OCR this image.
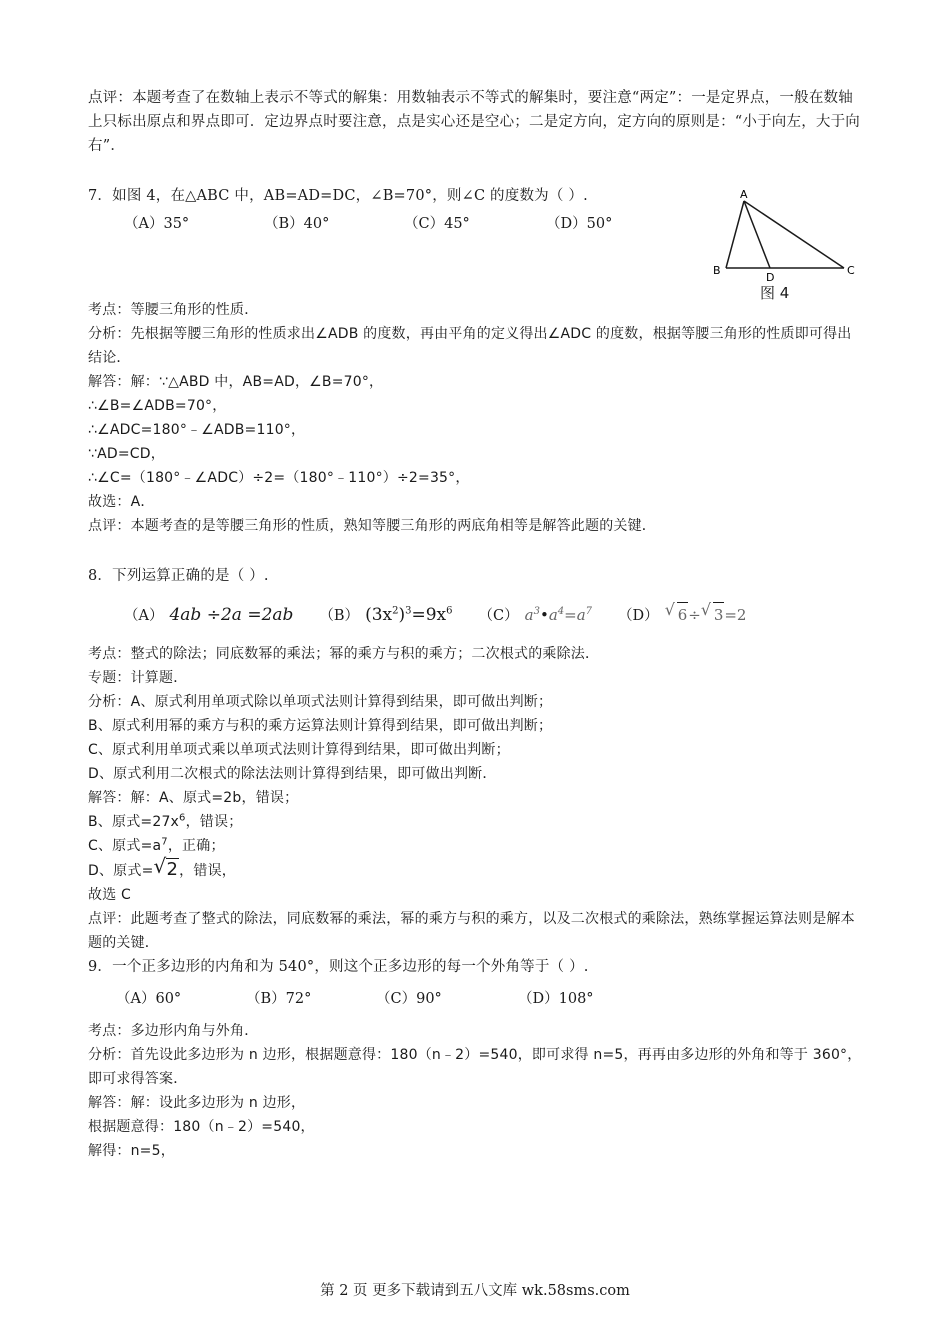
点评：本题考查了在数轴上表示不等式的解集：用数轴表示不等式的解集时，要注意“两定”：一是定界点，一般在数轴上只标出原点和界点即可．定边界点时要注意，点是实心还是空心；二是定方向，定方向的原则是：“小于向左，大于向右”．

7．如图 4，在△ABC 中，AB=AD=DC，∠B=70°，则∠C 的度数为（ ）.

（A）35°	（B）40°	（C）45°	（D）50°

考点：等腰三角形的性质．

分析：先根据等腰三角形的性质求出∠ADB 的度数，再由平角的定义得出∠ADC 的度数，根据等腰三角形的性质即可得出结论．

解答：解：∵△ABD 中，AB=AD，∠B=70°，

∴∠B=∠ADB=70°，

∴∠ADC=180°﹣∠ADB=110°，

∵AD=CD，

∴∠C=（180°﹣∠ADC）÷2=（180°﹣110°）÷2=35°，

故选：A．

点评：本题考查的是等腰三角形的性质，熟知等腰三角形的两底角相等是解答此题的关键．

8．下列运算正确的是（ ）.

（A） 4ab ÷2a =2ab （B） $(3x^2)^3=9x^6$ （C） $a^3•a^4=a^7$ （D） √ 6÷ √ 3=2

考点：整式的除法；同底数幂的乘法；幂的乘方与积的乘方；二次根式的乘除法．

专题：计算题．

分析：A、原式利用单项式除以单项式法则计算得到结果，即可做出判断；

B、原式利用幂的乘方与积的乘方运算法则计算得到结果，即可做出判断；

C、原式利用单项式乘以单项式法则计算得到结果，即可做出判断；

D、原式利用二次根式的除法法则计算得到结果，即可做出判断．

解答：解：A、原式=2b，错误；

B、原式$=27x^6$，错误；

C、原式$=a^7$，正确；

D、原式= √ 2，错误，

故选 C

点评：此题考查了整式的除法，同底数幂的乘法，幂的乘方与积的乘方，以及二次根式的乘除法，熟练掌握运算法则是解本题的关键．

9．一个正多边形的内角和为 540°，则这个正多边形的每一个外角等于（ ）.

（A）60°	（B）72°	（C）90°	（D）108°

考点：多边形内角与外角．

分析：首先设此多边形为 n 边形，根据题意得：180（n﹣2）=540，即可求得 n=5，再再由多边形的外角和等于 360°，即可求得答案．

解答：解：设此多边形为 n 边形，

根据题意得：180（n﹣2）=540，

解得：n=5，

A
B	C
D
图 4
第 2 页 更多下载请到五八文库 wk.58sms.com
